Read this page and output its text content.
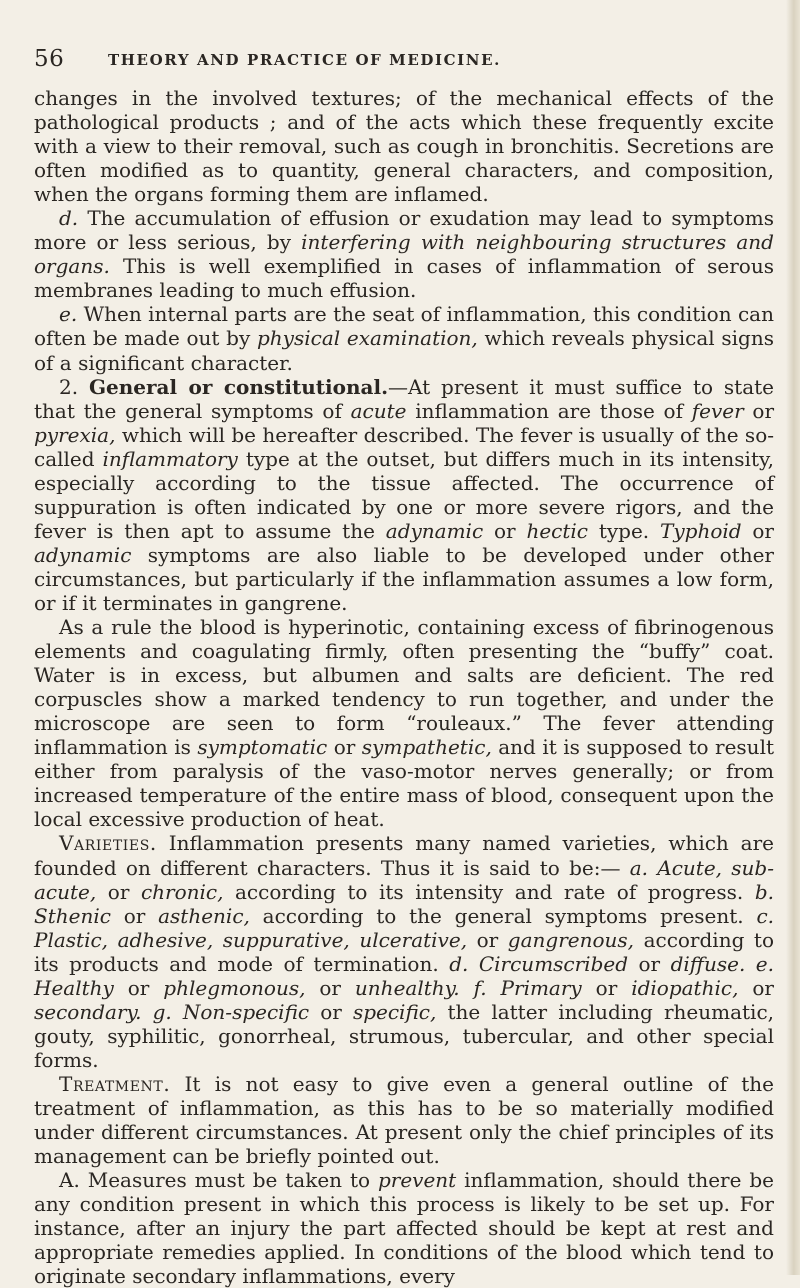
56	THEORY AND PRACTICE OF MEDICINE.

changes in the involved textures; of the mechanical effects of the pathological products ; and of the acts which these frequently excite with a view to their removal, such as cough in bronchitis. Secretions are often modified as to quantity, general characters, and composition, when the organs forming them are inflamed.

d. The accumulation of effusion or exudation may lead to symptoms more or less serious, by interfering with neighbouring structures and organs. This is well exemplified in cases of inflammation of serous membranes leading to much effusion.

e. When internal parts are the seat of inflammation, this condition can often be made out by physical examination, which reveals physical signs of a significant character.

2. General or constitutional.—At present it must suffice to state that the general symptoms of acute inflammation are those of fever or pyrexia, which will be hereafter described. The fever is usually of the so-called inflammatory type at the outset, but differs much in its intensity, especially according to the tissue affected. The occurrence of suppuration is often indicated by one or more severe rigors, and the fever is then apt to assume the adynamic or hectic type. Typhoid or adynamic symptoms are also liable to be developed under other circumstances, but particularly if the inflammation assumes a low form, or if it terminates in gangrene.

As a rule the blood is hyperinotic, containing excess of fibrinogenous elements and coagulating firmly, often presenting the “buffy” coat. Water is in excess, but albumen and salts are deficient. The red corpuscles show a marked tendency to run together, and under the microscope are seen to form “rouleaux.” The fever attending inflammation is symptomatic or sympathetic, and it is supposed to result either from paralysis of the vaso-motor nerves generally; or from increased temperature of the entire mass of blood, consequent upon the local excessive production of heat.

Varieties. Inflammation presents many named varieties, which are founded on different characters. Thus it is said to be:— a. Acute, sub-acute, or chronic, according to its intensity and rate of progress. b. Sthenic or asthenic, according to the general symptoms present. c. Plastic, adhesive, suppurative, ulcerative, or gangrenous, according to its products and mode of termination. d. Circumscribed or diffuse. e. Healthy or phlegmonous, or unhealthy. f. Primary or idiopathic, or secondary. g. Non-specific or specific, the latter including rheumatic, gouty, syphilitic, gonorrheal, strumous, tubercular, and other special forms.

Treatment. It is not easy to give even a general outline of the treatment of inflammation, as this has to be so materially modified under different circumstances. At present only the chief principles of its management can be briefly pointed out.

A. Measures must be taken to prevent inflammation, should there be any condition present in which this process is likely to be set up. For instance, after an injury the part affected should be kept at rest and appropriate remedies applied. In conditions of the blood which tend to originate secondary inflammations, every
